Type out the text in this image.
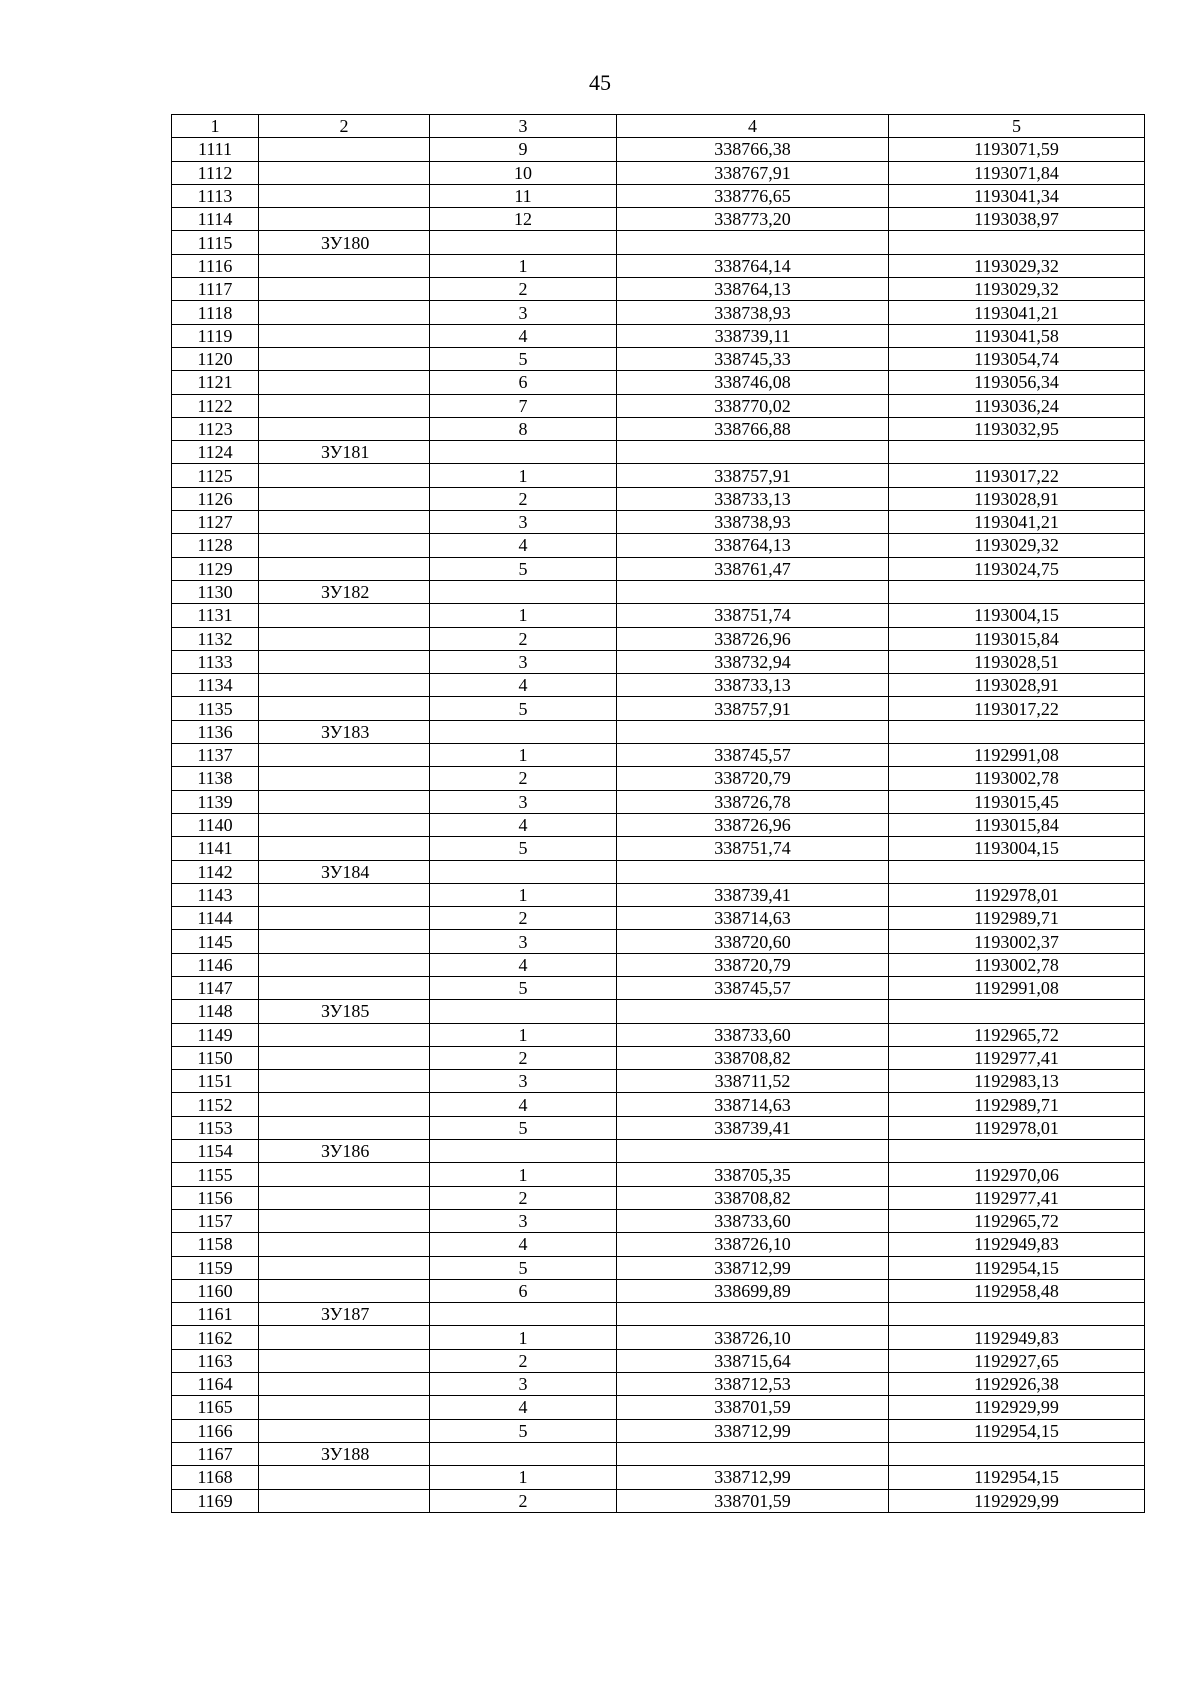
45
1	2	3	4	5
1111		9	338766,38	1193071,59
1112		10	338767,91	1193071,84
1113		11	338776,65	1193041,34
1114		12	338773,20	1193038,97
1115	ЗУ180			
1116		1	338764,14	1193029,32
1117		2	338764,13	1193029,32
1118		3	338738,93	1193041,21
1119		4	338739,11	1193041,58
1120		5	338745,33	1193054,74
1121		6	338746,08	1193056,34
1122		7	338770,02	1193036,24
1123		8	338766,88	1193032,95
1124	ЗУ181			
1125		1	338757,91	1193017,22
1126		2	338733,13	1193028,91
1127		3	338738,93	1193041,21
1128		4	338764,13	1193029,32
1129		5	338761,47	1193024,75
1130	ЗУ182			
1131		1	338751,74	1193004,15
1132		2	338726,96	1193015,84
1133		3	338732,94	1193028,51
1134		4	338733,13	1193028,91
1135		5	338757,91	1193017,22
1136	ЗУ183			
1137		1	338745,57	1192991,08
1138		2	338720,79	1193002,78
1139		3	338726,78	1193015,45
1140		4	338726,96	1193015,84
1141		5	338751,74	1193004,15
1142	ЗУ184			
1143		1	338739,41	1192978,01
1144		2	338714,63	1192989,71
1145		3	338720,60	1193002,37
1146		4	338720,79	1193002,78
1147		5	338745,57	1192991,08
1148	ЗУ185			
1149		1	338733,60	1192965,72
1150		2	338708,82	1192977,41
1151		3	338711,52	1192983,13
1152		4	338714,63	1192989,71
1153		5	338739,41	1192978,01
1154	ЗУ186			
1155		1	338705,35	1192970,06
1156		2	338708,82	1192977,41
1157		3	338733,60	1192965,72
1158		4	338726,10	1192949,83
1159		5	338712,99	1192954,15
1160		6	338699,89	1192958,48
1161	ЗУ187			
1162		1	338726,10	1192949,83
1163		2	338715,64	1192927,65
1164		3	338712,53	1192926,38
1165		4	338701,59	1192929,99
1166		5	338712,99	1192954,15
1167	ЗУ188			
1168		1	338712,99	1192954,15
1169		2	338701,59	1192929,99
